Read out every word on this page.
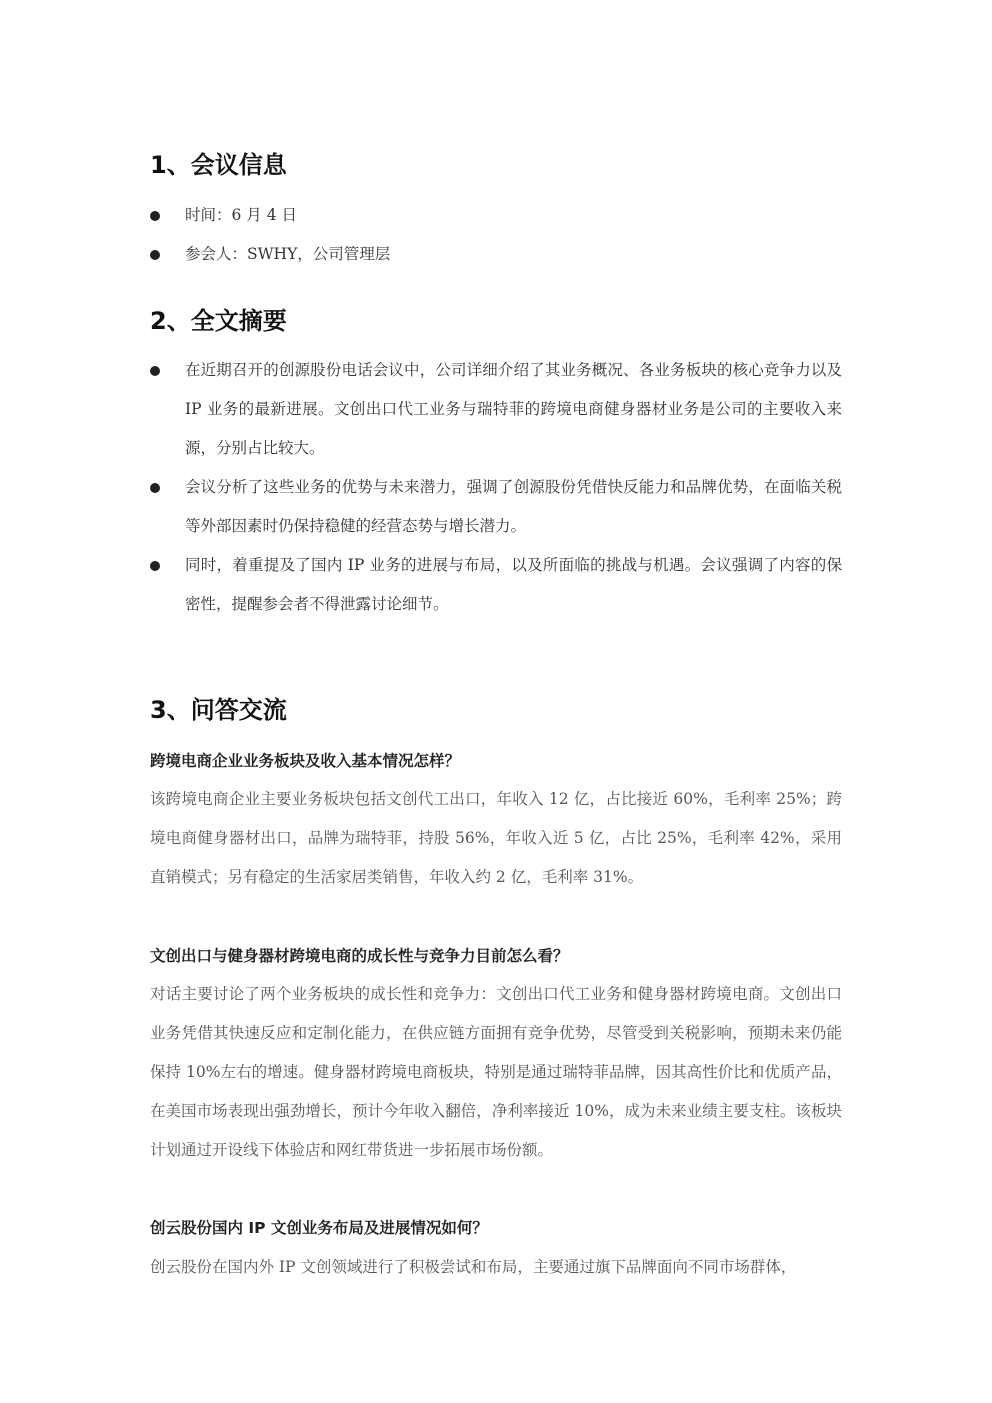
1、会议信息
时间：6 月 4 日
参会人：SWHY，公司管理层
2、全文摘要
在近期召开的创源股份电话会议中，公司详细介绍了其业务概况、各业务板块的核心竞争力以及 IP 业务的最新进展。文创出口代工业务与瑞特菲的跨境电商健身器材业务是公司的主要收入来源，分别占比较大。
会议分析了这些业务的优势与未来潜力，强调了创源股份凭借快反能力和品牌优势，在面临关税等外部因素时仍保持稳健的经营态势与增长潜力。
同时，着重提及了国内 IP 业务的进展与布局，以及所面临的挑战与机遇。会议强调了内容的保密性，提醒参会者不得泄露讨论细节。
3、问答交流
跨境电商企业业务板块及收入基本情况怎样？

该跨境电商企业主要业务板块包括文创代工出口，年收入 12 亿，占比接近 60%，毛利率 25%；跨境电商健身器材出口，品牌为瑞特菲，持股 56%，年收入近 5 亿，占比 25%，毛利率 42%，采用直销模式；另有稳定的生活家居类销售，年收入约 2 亿，毛利率 31%。

文创出口与健身器材跨境电商的成长性与竞争力目前怎么看？

对话主要讨论了两个业务板块的成长性和竞争力：文创出口代工业务和健身器材跨境电商。文创出口业务凭借其快速反应和定制化能力，在供应链方面拥有竞争优势，尽管受到关税影响，预期未来仍能保持 10%左右的增速。健身器材跨境电商板块，特别是通过瑞特菲品牌，因其高性价比和优质产品，在美国市场表现出强劲增长，预计今年收入翻倍，净利率接近 10%，成为未来业绩主要支柱。该板块计划通过开设线下体验店和网红带货进一步拓展市场份额。

创云股份国内 IP 文创业务布局及进展情况如何？

创云股份在国内外 IP 文创领域进行了积极尝试和布局，主要通过旗下品牌面向不同市场群体，
